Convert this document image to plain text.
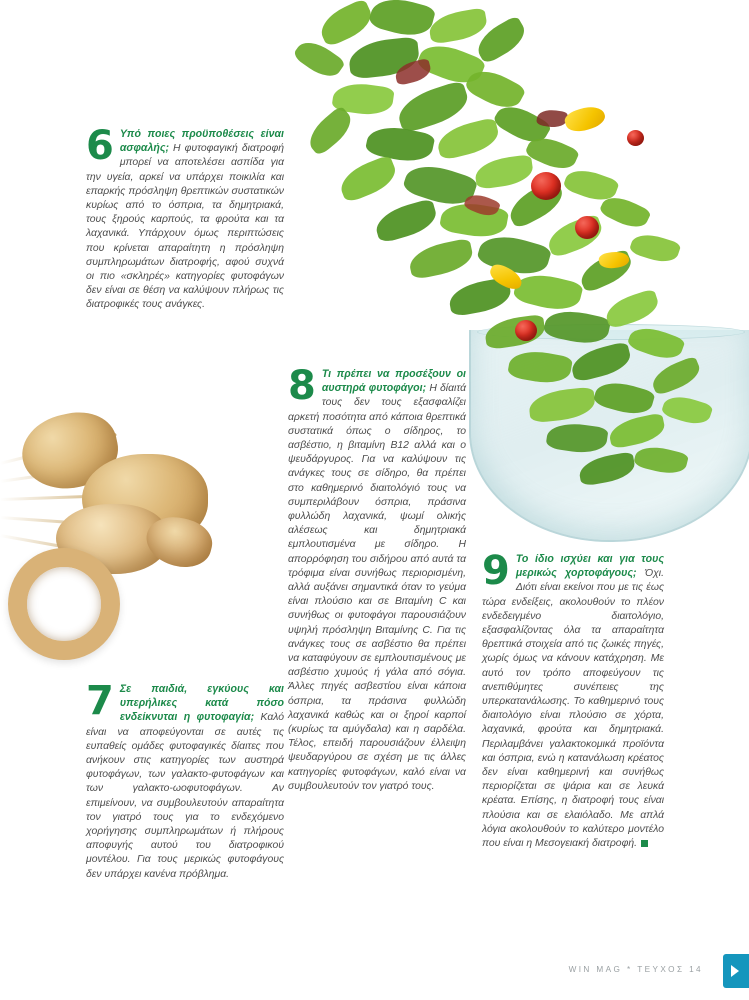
6 Υπό ποιες προϋποθέσεις είναι ασφαλής; Η φυτοφαγική διατροφή μπορεί να αποτελέσει ασπίδα για την υγεία, αρκεί να υπάρχει ποικιλία και επαρκής πρόσληψη θρεπτικών συστατικών κυρίως από το όσπρια, τα δημητριακά, τους ξηρούς καρπούς, τα φρούτα και τα λαχανικά. Υπάρχουν όμως περιπτώσεις που κρίνεται απαραίτητη η πρόσληψη συμπληρωμάτων διατροφής, αφού συχνά οι πιο «σκληρές» κατηγορίες φυτοφάγων δεν είναι σε θέση να καλύψουν πλήρως τις διατροφικές τους ανάγκες.
7 Σε παιδιά, εγκύους και υπερήλικες κατά πόσο ενδείκνυται η φυτοφαγία; Καλό είναι να αποφεύγονται σε αυτές τις ευπαθείς ομάδες φυτοφαγικές δίαιτες που ανήκουν στις κατηγορίες των αυστηρά φυτοφάγων, των γαλακτο-φυτοφάγων και των γαλακτο-ωοφυτοφάγων. Αν επιμείνουν, να συμβουλευτούν απαραίτητα τον γιατρό τους για το ενδεχόμενο χορήγησης συμπληρωμάτων ή πλήρους αποφυγής αυτού του διατροφικού μοντέλου. Για τους μερικώς φυτοφάγους δεν υπάρχει κανένα πρόβλημα.
8 Τι πρέπει να προσέξουν οι αυστηρά φυτοφάγοι; Η δίαιτά τους δεν τους εξασφαλίζει αρκετή ποσότητα από κάποια θρεπτικά συστατικά όπως ο σίδηρος, το ασβέστιο, η βιταμίνη Β12 αλλά και ο ψευδάργυρος. Για να καλύψουν τις ανάγκες τους σε σίδηρο, θα πρέπει στο καθημερινό διαιτολόγιό τους να συμπεριλάβουν όσπρια, πράσινα φυλλώδη λαχανικά, ψωμί ολικής αλέσεως και δημητριακά εμπλουτισμένα με σίδηρο. Η απορρόφηση του σιδήρου από αυτά τα τρόφιμα είναι συνήθως περιορισμένη, αλλά αυξάνει σημαντικά όταν το γεύμα είναι πλούσιο και σε Βιταμίνη C και συνήθως οι φυτοφάγοι παρουσιάζουν υψηλή πρόσληψη Βιταμίνης C. Για τις ανάγκες τους σε ασβέστιο θα πρέπει να καταφύγουν σε εμπλουτισμένους με ασβέστιο χυμούς ή γάλα από σόγια. Άλλες πηγές ασβεστίου είναι κάποια όσπρια, τα πράσινα φυλλώδη λαχανικά καθώς και οι ξηροί καρποί (κυρίως τα αμύγδαλα) και η σαρδέλα. Τέλος, επειδή παρουσιάζουν έλλειψη ψευδαργύρου σε σχέση με τις άλλες κατηγορίες φυτοφάγων, καλό είναι να συμβουλευτούν τον γιατρό τους.
9 Το ίδιο ισχύει και για τους μερικώς χορτοφάγους; Όχι. Διότι είναι εκείνοι που με τις έως τώρα ενδείξεις, ακολουθούν το πλέον ενδεδειγμένο διαιτολόγιο, εξασφαλίζοντας όλα τα απαραίτητα θρεπτικά στοιχεία από τις ζωικές πηγές, χωρίς όμως να κάνουν κατάχρηση. Με αυτό τον τρόπο αποφεύγουν τις ανεπιθύμητες συνέπειες της υπερκατανάλωσης. Το καθημερινό τους διαιτολόγιο είναι πλούσιο σε χόρτα, λαχανικά, φρούτα και δημητριακά. Περιλαμβάνει γαλακτοκομικά προϊόντα και όσπρια, ενώ η κατανάλωση κρέατος δεν είναι καθημερινή και συνήθως περιορίζεται σε ψάρια και σε λευκά κρέατα. Επίσης, η διατροφή τους είναι πλούσια και σε ελαιόλαδο. Με απλά λόγια ακολουθούν το καλύτερο μοντέλο που είναι η Μεσογειακή διατροφή.
WIN MAG * ΤΕΥΧΟΣ 14
